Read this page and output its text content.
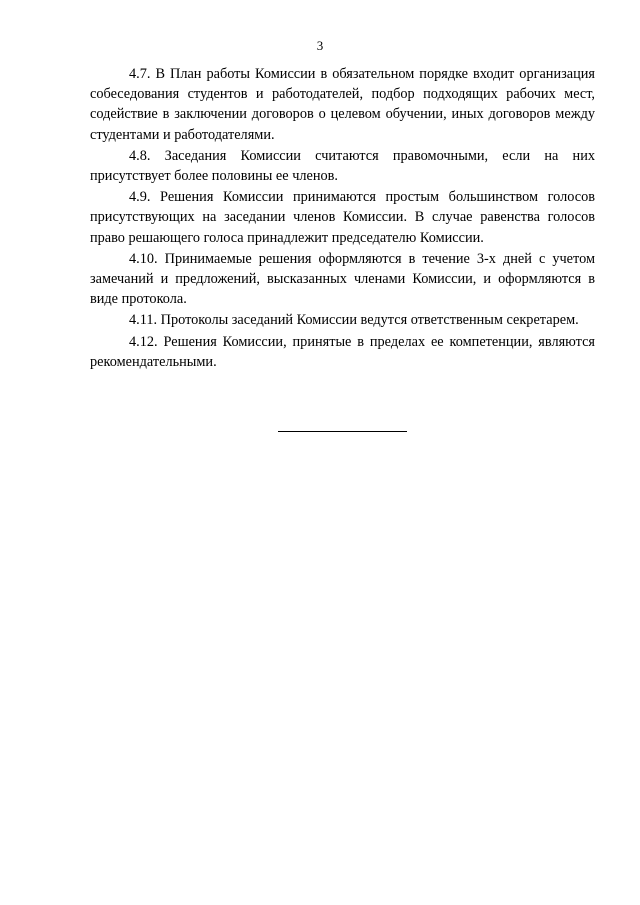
3

4.7. В План работы Комиссии в обязательном порядке входит организация собеседования студентов и работодателей, подбор подходящих рабочих мест, содействие в заключении договоров о целевом обучении, иных договоров между студентами и работодателями.

4.8. Заседания Комиссии считаются правомочными, если на них присутствует более половины ее членов.

4.9. Решения Комиссии принимаются простым большинством голосов присутствующих на заседании членов Комиссии. В случае равенства голосов право решающего голоса принадлежит председателю Комиссии.

4.10. Принимаемые решения оформляются в течение 3-х дней с учетом замечаний и предложений, высказанных членами Комиссии, и оформляются в виде протокола.

4.11. Протоколы заседаний Комиссии ведутся ответственным секретарем.

4.12. Решения Комиссии, принятые в пределах ее компетенции, являются рекомендательными.
